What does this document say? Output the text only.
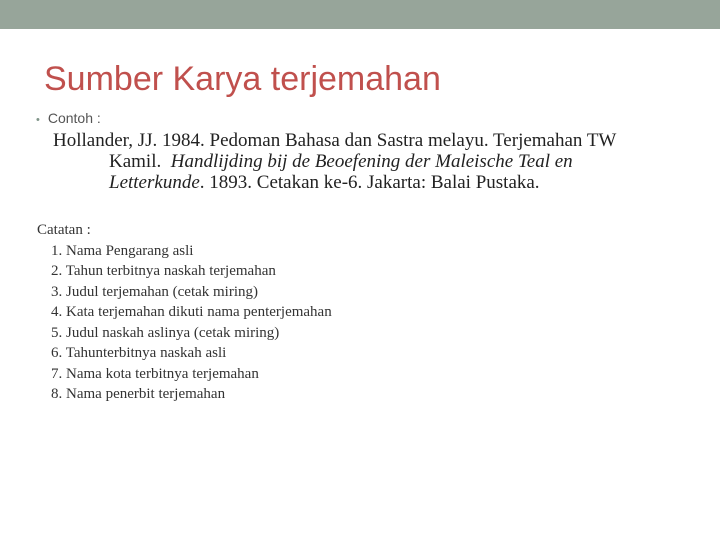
Sumber Karya terjemahan
• Contoh :
Hollander, JJ. 1984. Pedoman Bahasa dan Sastra melayu. Terjemahan TW
Kamil. Handlijding bij de Beoefening der Maleische Teal en
Letterkunde. 1893. Cetakan ke-6. Jakarta: Balai Pustaka.
Catatan :
1. Nama Pengarang asli
2. Tahun terbitnya naskah terjemahan
3. Judul terjemahan (cetak miring)
4. Kata terjemahan dikuti nama penterjemahan
5. Judul naskah aslinya (cetak miring)
6. Tahunterbitnya naskah asli
7. Nama kota terbitnya terjemahan
8. Nama penerbit terjemahan
